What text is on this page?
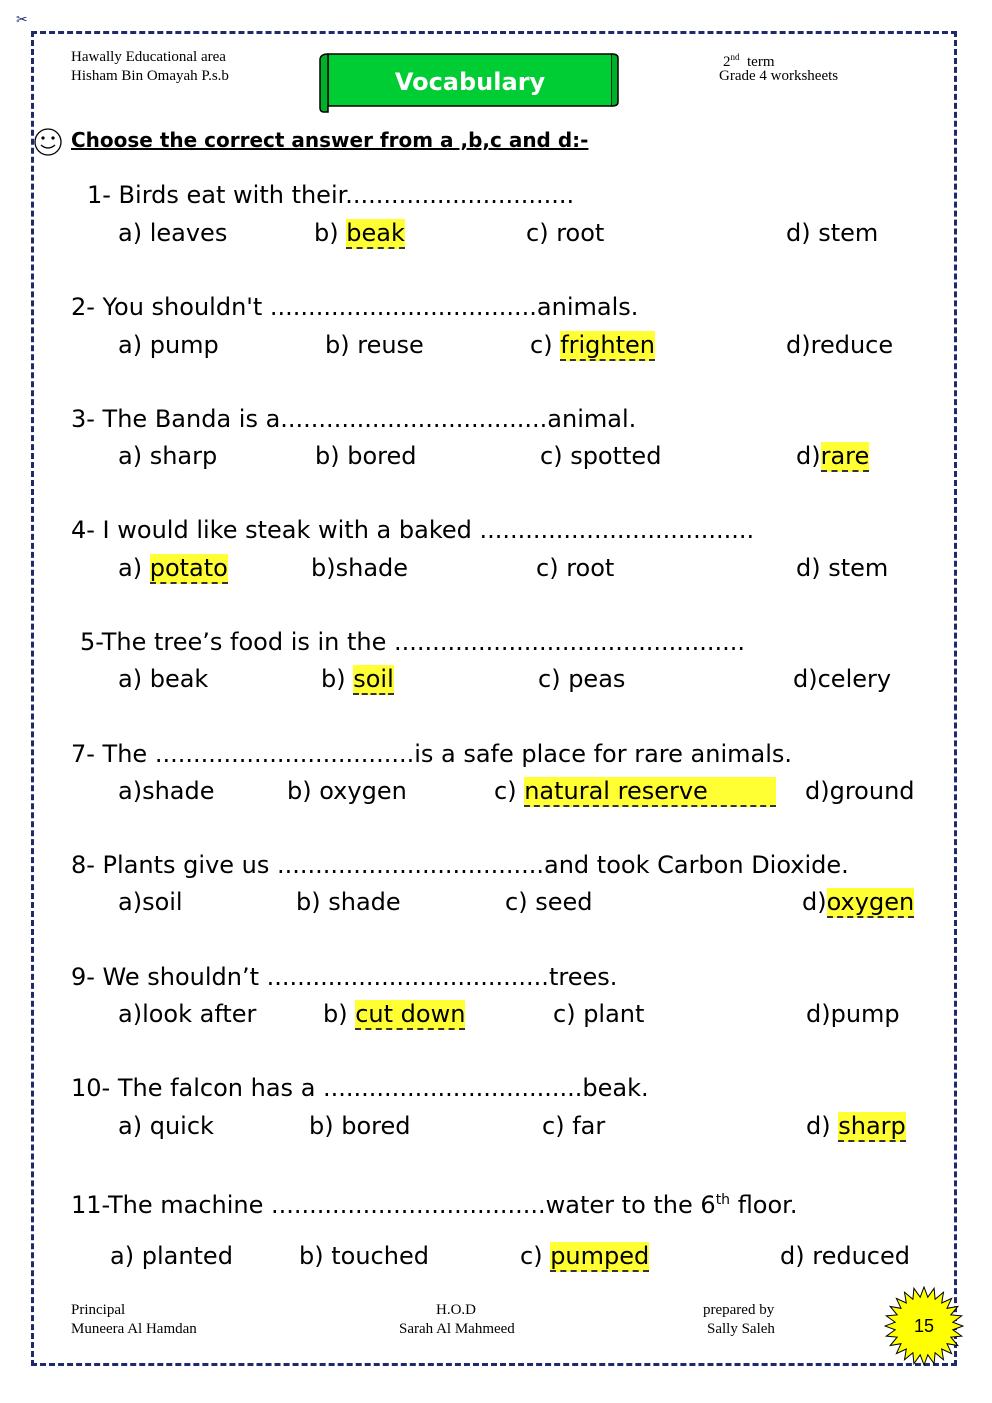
✂
Hawally Educational area
Hisham Bin Omayah P.s.b
2nd term
Grade 4 worksheets
Vocabulary
Choose the correct answer from a ,b,c and d:-
1- Birds eat with their..............................
a) leaves	b) beak	c) root	d) stem
2- You shouldn't ...................................animals.
a) pump	b) reuse	c) frighten	d)reduce
3- The Banda is a...................................animal.
a) sharp	b) bored	c) spotted	d)rare
4- I would like steak with a baked ....................................
a) potato	b)shade	c) root	d) stem
5-The tree’s food is in the ..............................................
a) beak	b) soil	c) peas	d)celery
7- The ..................................is a safe place for rare animals.
a)shade	b) oxygen	c) natural reserve d)ground
8- Plants give us ...................................and took Carbon Dioxide.
a)soil	b) shade	c) seed	d)oxygen
9- We shouldn’t .....................................trees.
a)look after	b) cut down	c) plant	d)pump
10- The falcon has a ..................................beak.
a) quick	b) bored	c) far	d) sharp
11-The machine ....................................water to the 6th floor.
a) planted	b) touched	c) pumped	d) reduced
Principal
Muneera Al Hamdan
H.O.D
Sarah Al Mahmeed
prepared by
Sally Saleh	15
